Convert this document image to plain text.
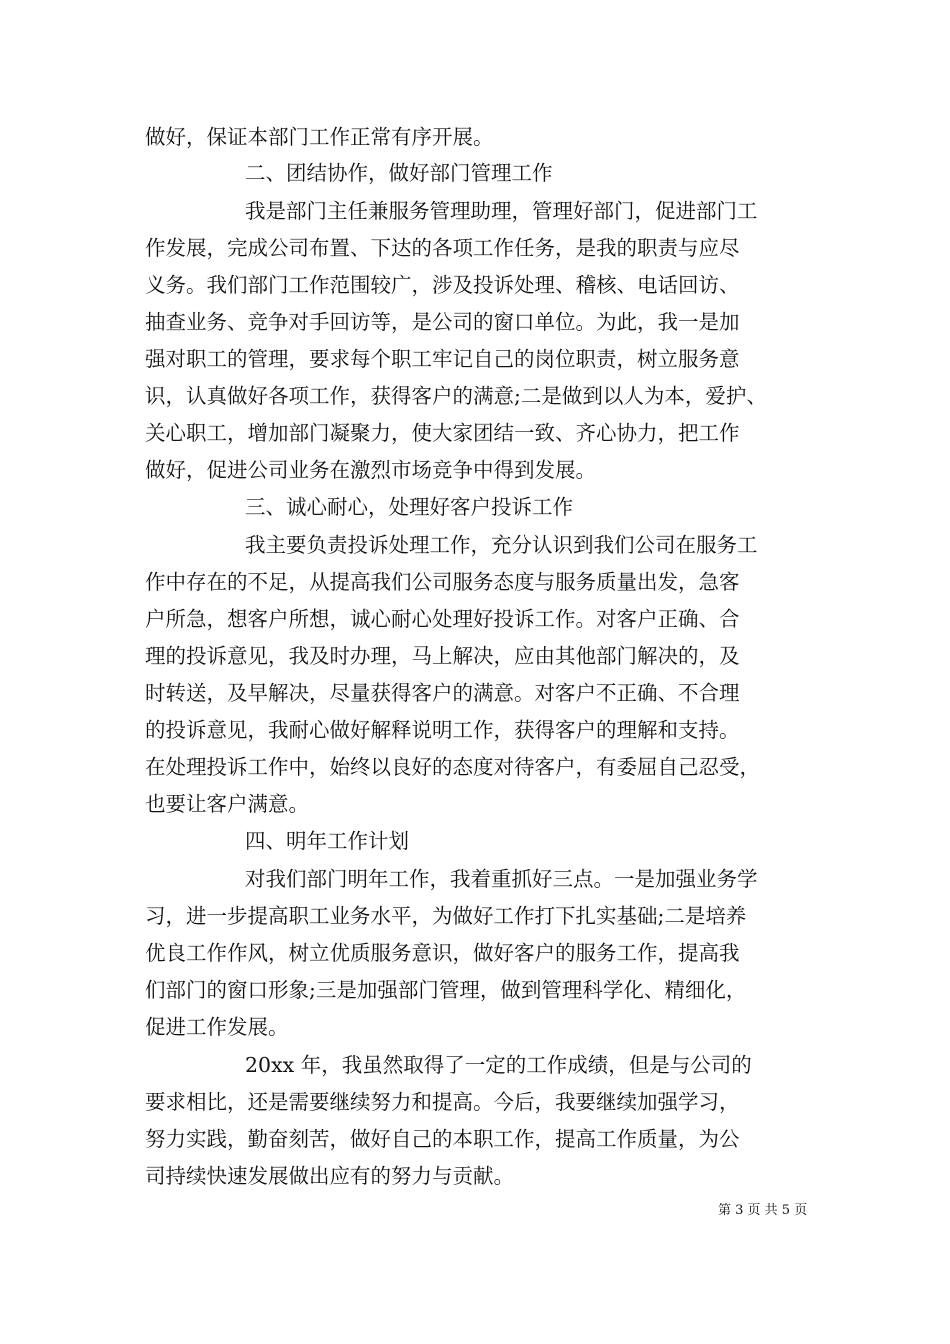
做好，保证本部门工作正常有序开展。
二、团结协作，做好部门管理工作
我是部门主任兼服务管理助理，管理好部门，促进部门工
作发展，完成公司布置、下达的各项工作任务，是我的职责与应尽
义务。我们部门工作范围较广，涉及投诉处理、稽核、电话回访、
抽查业务、竞争对手回访等，是公司的窗口单位。为此，我一是加
强对职工的管理，要求每个职工牢记自己的岗位职责，树立服务意
识，认真做好各项工作，获得客户的满意;二是做到以人为本，爱护、
关心职工，增加部门凝聚力，使大家团结一致、齐心协力，把工作
做好，促进公司业务在激烈市场竞争中得到发展。
三、诚心耐心，处理好客户投诉工作
我主要负责投诉处理工作，充分认识到我们公司在服务工
作中存在的不足，从提高我们公司服务态度与服务质量出发，急客
户所急，想客户所想，诚心耐心处理好投诉工作。对客户正确、合
理的投诉意见，我及时办理，马上解决，应由其他部门解决的，及
时转送，及早解决，尽量获得客户的满意。对客户不正确、不合理
的投诉意见，我耐心做好解释说明工作，获得客户的理解和支持。
在处理投诉工作中，始终以良好的态度对待客户，有委屈自己忍受，
也要让客户满意。
四、明年工作计划
对我们部门明年工作，我着重抓好三点。一是加强业务学
习，进一步提高职工业务水平，为做好工作打下扎实基础;二是培养
优良工作作风，树立优质服务意识，做好客户的服务工作，提高我
们部门的窗口形象;三是加强部门管理，做到管理科学化、精细化，
促进工作发展。
20xx 年，我虽然取得了一定的工作成绩，但是与公司的
要求相比，还是需要继续努力和提高。今后，我要继续加强学习，
努力实践，勤奋刻苦，做好自己的本职工作，提高工作质量，为公
司持续快速发展做出应有的努力与贡献。
第 3 页 共 5 页
